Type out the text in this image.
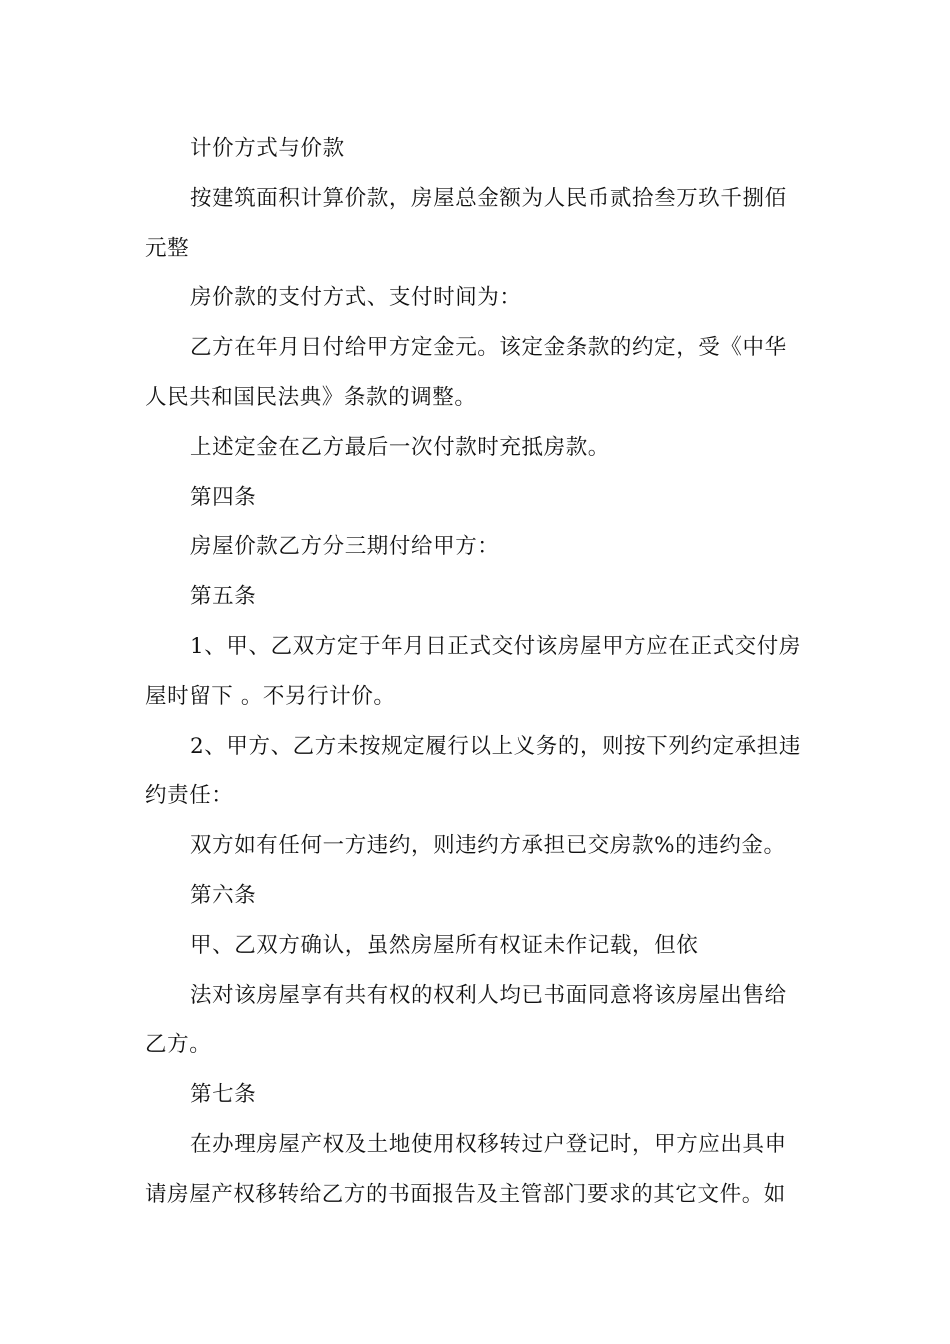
计价方式与价款

按建筑面积计算价款，房屋总金额为人民币贰拾叁万玖千捌佰元整

房价款的支付方式、支付时间为：

乙方在年月日付给甲方定金元。该定金条款的约定，受《中华人民共和国民法典》条款的调整。

上述定金在乙方最后一次付款时充抵房款。

第四条

房屋价款乙方分三期付给甲方：

第五条

1、甲、乙双方定于年月日正式交付该房屋甲方应在正式交付房屋时留下 。不另行计价。

2、甲方、乙方未按规定履行以上义务的，则按下列约定承担违约责任：

双方如有任何一方违约，则违约方承担已交房款%的违约金。

第六条

甲、乙双方确认，虽然房屋所有权证未作记载，但依

法对该房屋享有共有权的权利人均已书面同意将该房屋出售给乙方。

第七条

在办理房屋产权及土地使用权移转过户登记时，甲方应出具申请房屋产权移转给乙方的书面报告及主管部门要求的其它文件。如
